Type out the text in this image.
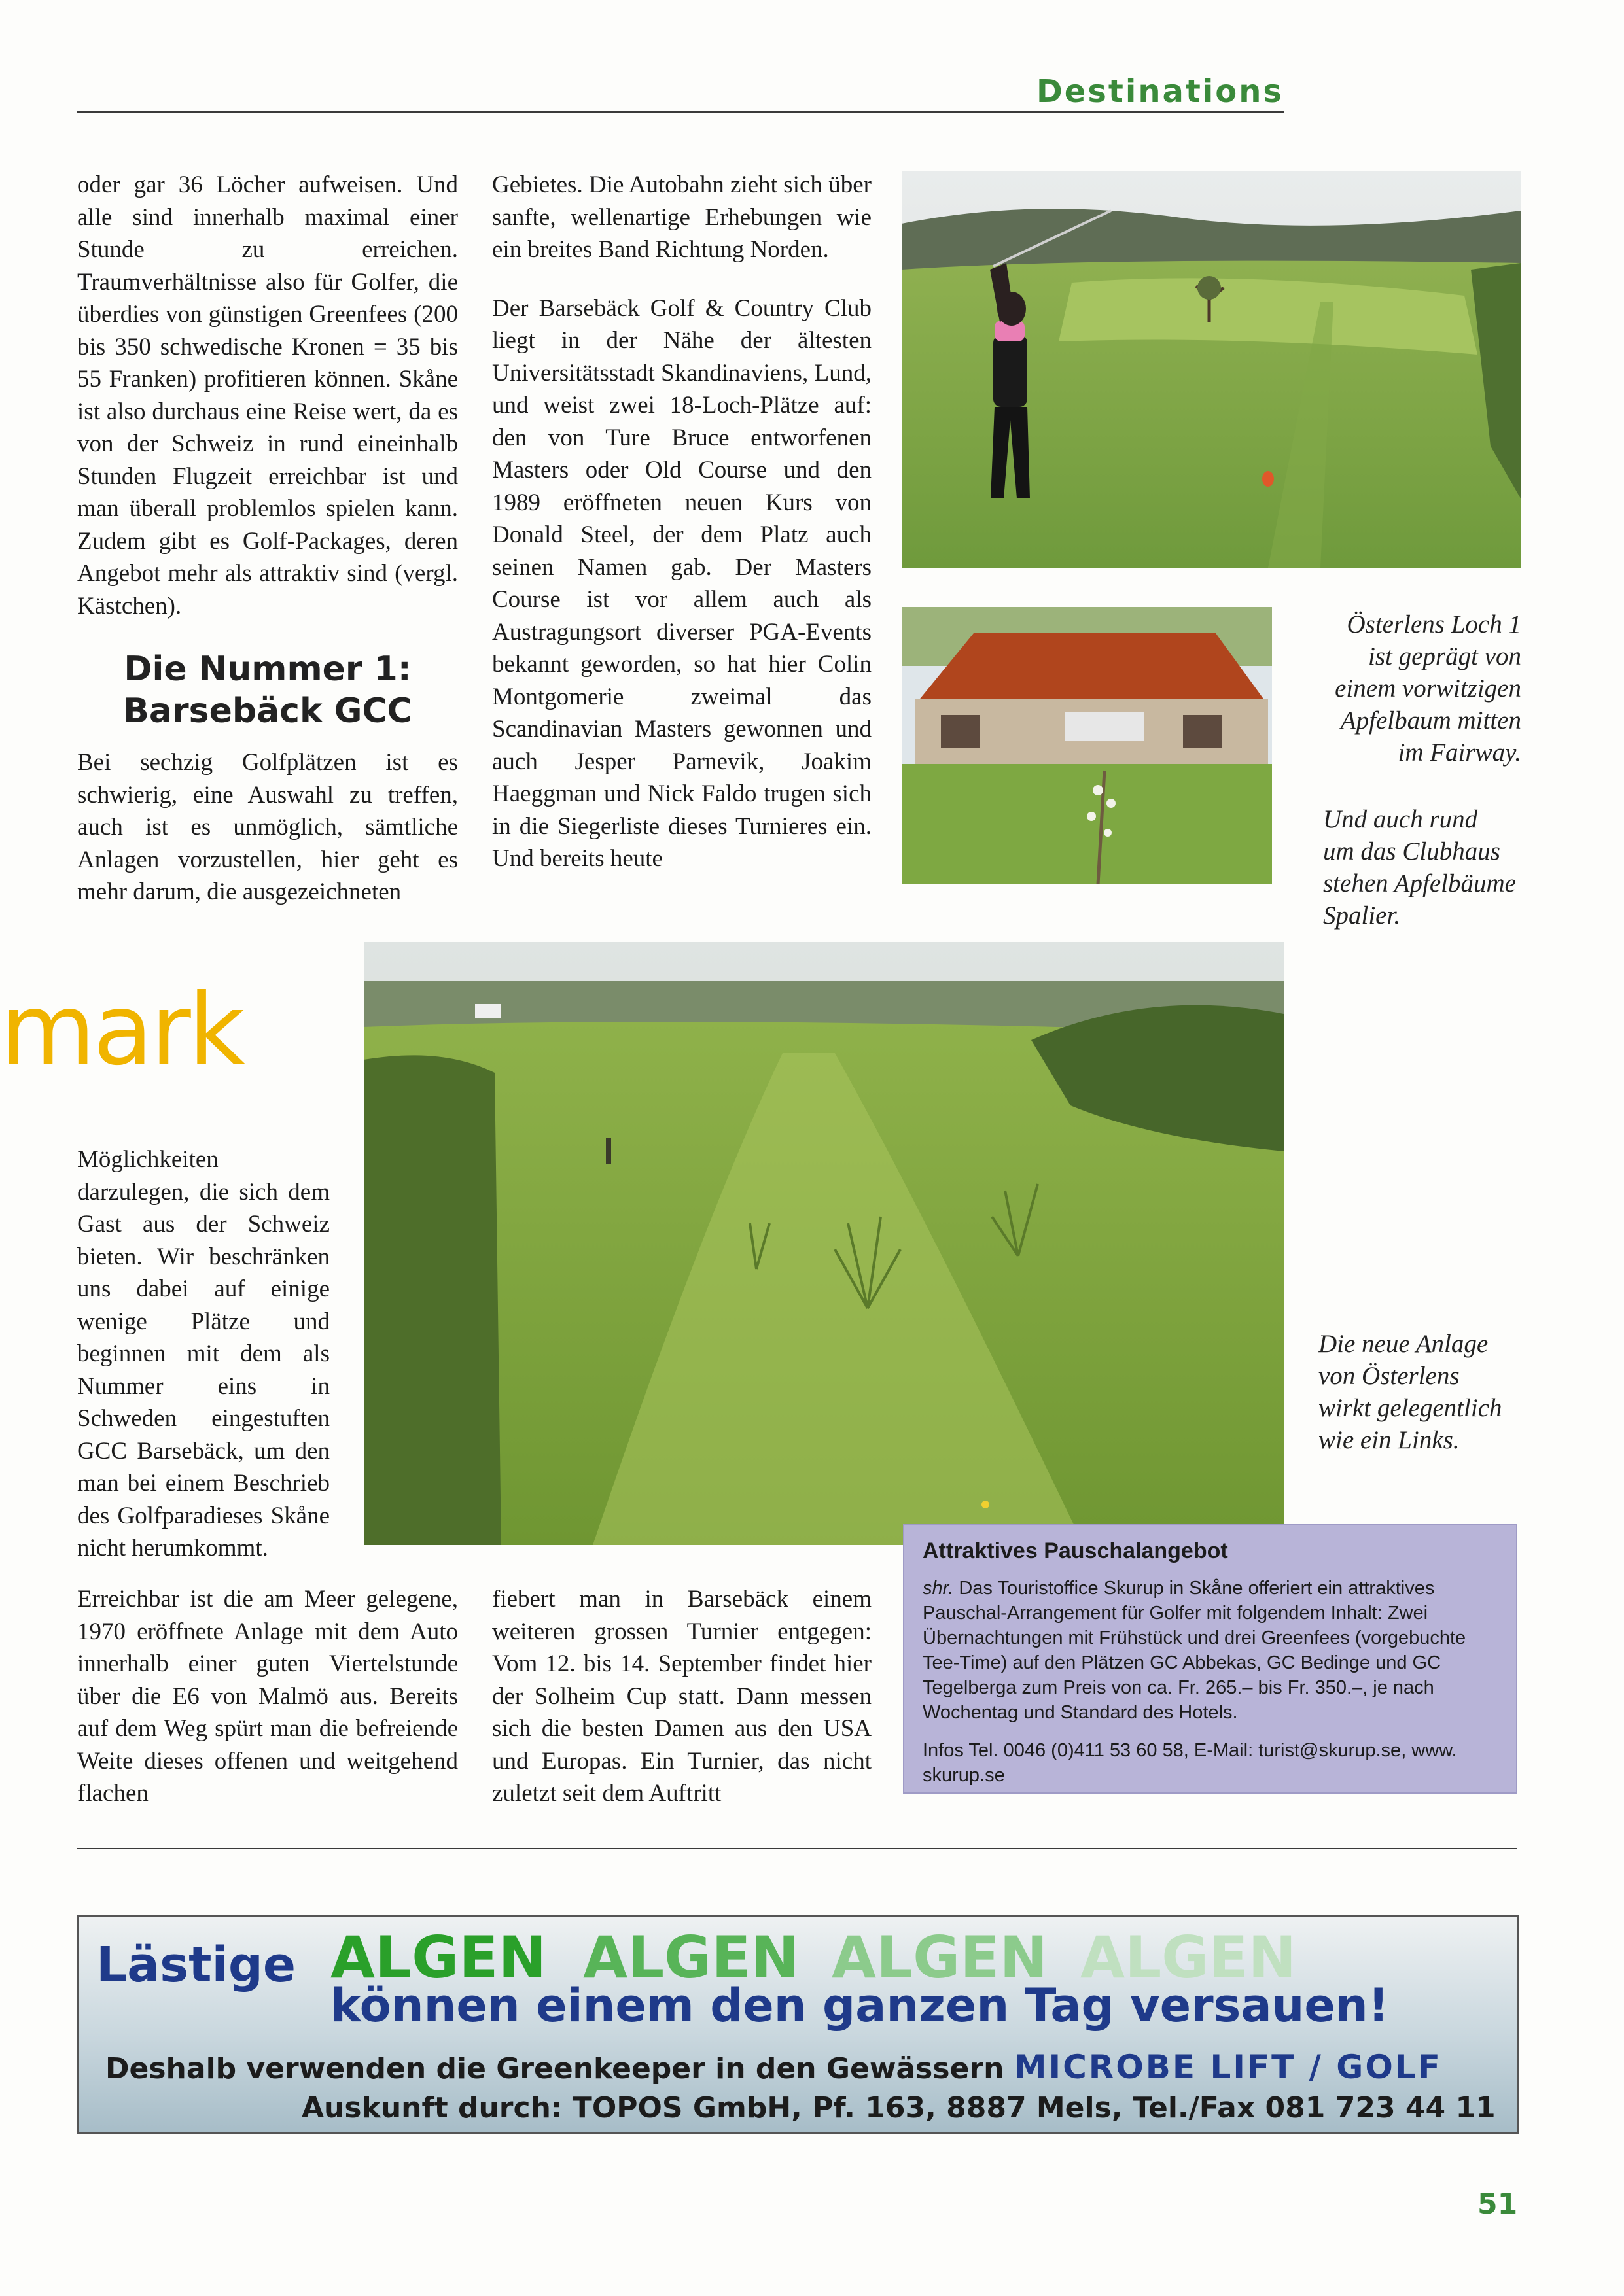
Destinations

oder gar 36 Löcher aufweisen. Und alle sind innerhalb maximal einer Stunde zu erreichen. Traumverhältnisse also für Golfer, die überdies von günstigen Greenfees (200 bis 350 schwedische Kronen = 35 bis 55 Franken) profitieren können. Skåne ist also durchaus eine Reise wert, da es von der Schweiz in rund eineinhalb Stunden Flugzeit erreichbar ist und man überall problemlos spielen kann. Zudem gibt es Golf-Packages, deren Angebot mehr als attraktiv sind (vergl. Kästchen).

Die Nummer 1:
Barsebäck GCC

Bei sechzig Golfplätzen ist es schwierig, eine Auswahl zu treffen, auch ist es unmöglich, sämtliche Anlagen vorzustellen, hier geht es mehr darum, die ausgezeichneten

Gebietes. Die Autobahn zieht sich über sanfte, wellenartige Erhebungen wie ein breites Band Richtung Norden.

Der Barsebäck Golf & Country Club liegt in der Nähe der ältesten Universitätsstadt Skandinaviens, Lund, und weist zwei 18-Loch-Plätze auf: den von Ture Bruce entworfenen Masters oder Old Course und den 1989 eröffneten neuen Kurs von Donald Steel, der dem Platz auch seinen Namen gab. Der Masters Course ist vor allem auch als Austragungsort diverser PGA-Events bekannt geworden, so hat hier Colin Montgomerie zweimal das Scandinavian Masters gewonnen und auch Jesper Parnevik, Joakim Haeggman und Nick Faldo trugen sich in die Siegerliste dieses Turnieres ein. Und bereits heute

Österlens Loch 1
ist geprägt von
einem vorwitzigen
Apfelbaum mitten
im Fairway.
Und auch rund
um das Clubhaus
stehen Apfelbäume
Spalier.
mark
Möglichkeiten darzulegen, die sich dem Gast aus der Schweiz bieten. Wir beschränken uns dabei auf einige wenige Plätze und beginnen mit dem als Nummer eins in Schweden eingestuften GCC Barsebäck, um den man bei einem Beschrieb des Golfparadieses Skåne nicht herumkommt.
Die neue Anlage
von Österlens
wirkt gelegentlich
wie ein Links.
Erreichbar ist die am Meer gelegene, 1970 eröffnete Anlage mit dem Auto innerhalb einer guten Viertelstunde über die E6 von Malmö aus. Bereits auf dem Weg spürt man die befreiende Weite dieses offenen und weitgehend flachen
fiebert man in Barsebäck einem weiteren grossen Turnier entgegen: Vom 12. bis 14. September findet hier der Solheim Cup statt. Dann messen sich die besten Damen aus den USA und Europas. Ein Turnier, das nicht zuletzt seit dem Auftritt
Attraktives Pauschalangebot
shr. Das Touristoffice Skurup in Skåne offeriert ein attraktives Pauschal-Arrangement für Golfer mit folgendem Inhalt: Zwei Übernachtungen mit Frühstück und drei Greenfees (vorgebuchte Tee-Time) auf den Plätzen GC Abbekas, GC Bedinge und GC Tegelberga zum Preis von ca. Fr. 265.– bis Fr. 350.–, je nach Wochentag und Standard des Hotels.
Infos Tel. 0046 (0)411 53 60 58, E-Mail: turist@skurup.se, www. skurup.se
Lästige ALGEN ALGEN ALGEN ALGEN
können einem den ganzen Tag versauen!
Deshalb verwenden die Greenkeeper in den Gewässern MICROBE LIFT / GOLF
Auskunft durch: TOPOS GmbH, Pf. 163, 8887 Mels, Tel./Fax 081 723 44 11
51
